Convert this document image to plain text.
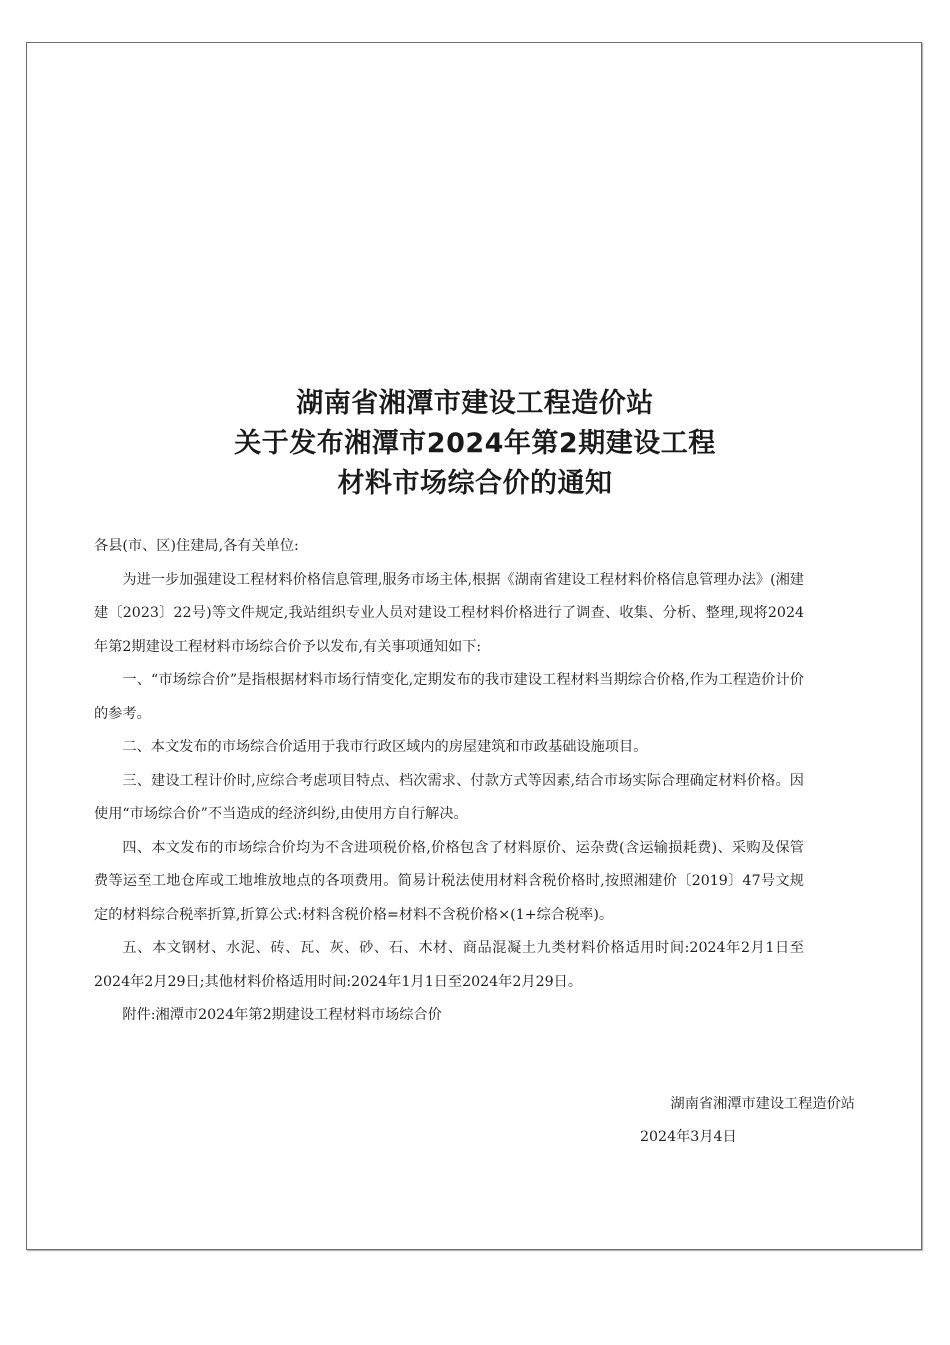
湖南省湘潭市建设工程造价站
关于发布湘潭市2024年第2期建设工程
材料市场综合价的通知

各县(市、区)住建局,各有关单位:

为进一步加强建设工程材料价格信息管理,服务市场主体,根据《湖南省建设工程材料价格信息管理办法》(湘建建〔2023〕22号)等文件规定,我站组织专业人员对建设工程材料价格进行了调查、收集、分析、整理,现将2024年第2期建设工程材料市场综合价予以发布,有关事项通知如下:

一、“市场综合价”是指根据材料市场行情变化,定期发布的我市建设工程材料当期综合价格,作为工程造价计价的参考。

二、本文发布的市场综合价适用于我市行政区域内的房屋建筑和市政基础设施项目。

三、建设工程计价时,应综合考虑项目特点、档次需求、付款方式等因素,结合市场实际合理确定材料价格。因使用“市场综合价”不当造成的经济纠纷,由使用方自行解决。

四、本文发布的市场综合价均为不含进项税价格,价格包含了材料原价、运杂费(含运输损耗费)、采购及保管费等运至工地仓库或工地堆放地点的各项费用。简易计税法使用材料含税价格时,按照湘建价〔2019〕47号文规定的材料综合税率折算,折算公式:材料含税价格=材料不含税价格×(1+综合税率)。

五、本文钢材、水泥、砖、瓦、灰、砂、石、木材、商品混凝土九类材料价格适用时间:2024年2月1日至2024年2月29日;其他材料价格适用时间:2024年1月1日至2024年2月29日。

附件:湘潭市2024年第2期建设工程材料市场综合价

湖南省湘潭市建设工程造价站
2024年3月4日
